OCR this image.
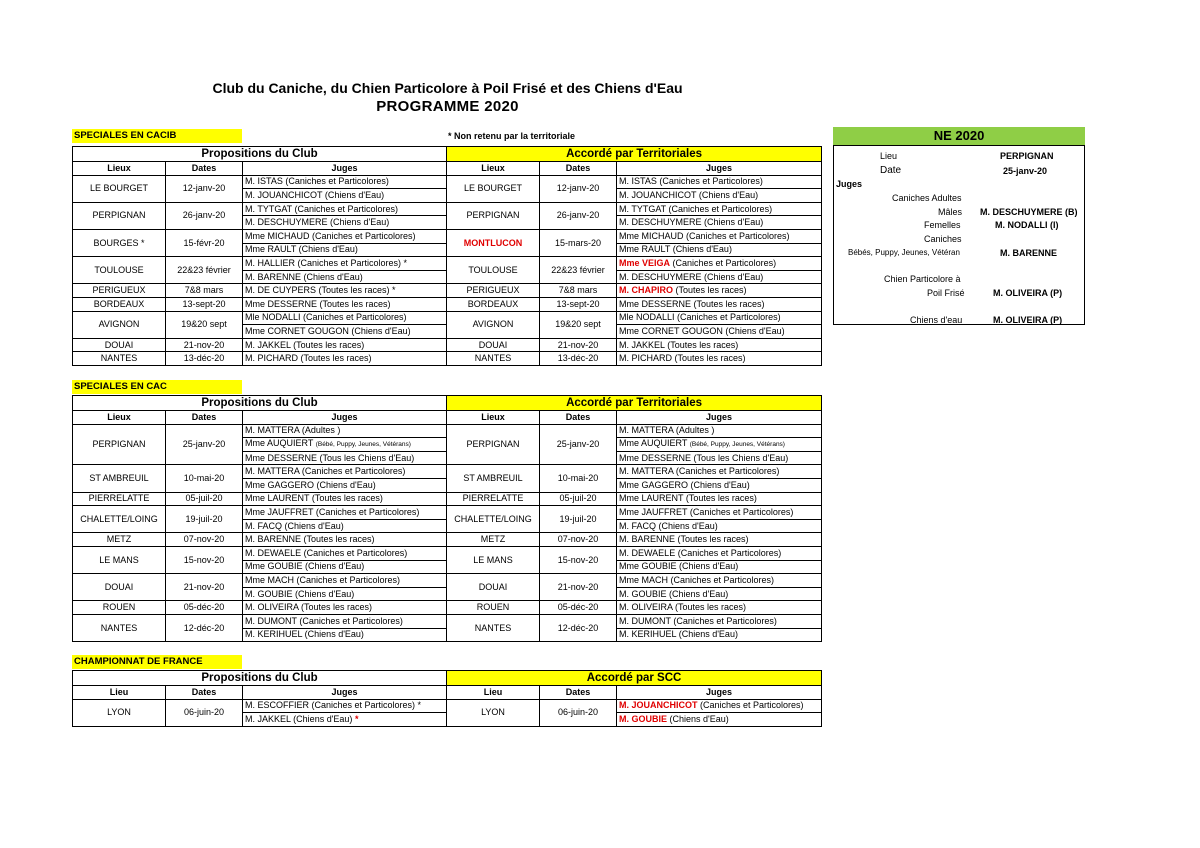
Club du Caniche, du Chien Particolore à Poil Frisé et des Chiens d'Eau
PROGRAMME 2020
SPECIALES EN CACIB	* Non retenu par la territoriale
Propositions du Club			Accordé par Territoriales		
Lieux	Dates	Juges	Lieux	Dates	Juges
LE BOURGET	12-janv-20	M. ISTAS (Caniches et Particolores)	LE BOURGET	12-janv-20	M. ISTAS (Caniches et Particolores)
		M. JOUANCHICOT (Chiens d'Eau)			M. JOUANCHICOT (Chiens d'Eau)
PERPIGNAN	26-janv-20	M. TYTGAT (Caniches et Particolores)	PERPIGNAN	26-janv-20	M. TYTGAT (Caniches et Particolores)
		M. DESCHUYMERE (Chiens d'Eau)			M. DESCHUYMERE (Chiens d'Eau)
BOURGES *	15-févr-20	Mme MICHAUD (Caniches et Particolores)	MONTLUCON	15-mars-20	Mme MICHAUD (Caniches et Particolores)
		Mme RAULT (Chiens d'Eau)			Mme RAULT (Chiens d'Eau)
TOULOUSE	22&23 février	M. HALLIER (Caniches et Particolores) *	TOULOUSE	22&23 février	Mme VEIGA (Caniches et Particolores)
		M. BARENNE (Chiens d'Eau)			M. DESCHUYMERE (Chiens d'Eau)
PERIGUEUX	7&8 mars	M. DE CUYPERS (Toutes les races) *	PERIGUEUX	7&8 mars	M. CHAPIRO (Toutes les races)
BORDEAUX	13-sept-20	Mme DESSERNE (Toutes les races)	BORDEAUX	13-sept-20	Mme DESSERNE (Toutes les races)
AVIGNON	19&20 sept	Mle NODALLI (Caniches et Particolores)	AVIGNON	19&20 sept	Mle NODALLI (Caniches et Particolores)
		Mme CORNET GOUGON (Chiens d'Eau)			Mme CORNET GOUGON (Chiens d'Eau)
DOUAI	21-nov-20	M. JAKKEL (Toutes les races)	DOUAI	21-nov-20	M. JAKKEL (Toutes les races)
NANTES	13-déc-20	M. PICHARD (Toutes les races)	NANTES	13-déc-20	M. PICHARD (Toutes les races)
NE 2020
Lieu	PERPIGNAN
Date	25-janv-20
Juges
Caniches Adultes
Mâles M. DESCHUYMERE (B)
Femelles	M. NODALLI (I)
Caniches
Bébés, Puppy, Jeunes, Vétéran	M. BARENNE
Chien Particolore à
Poil Frisé	M. OLIVEIRA (P)
Chiens d'eau	M. OLIVEIRA (P)
SPECIALES EN CAC
Propositions du Club			Accordé par Territoriales		
Lieux	Dates	Juges	Lieux	Dates	Juges
PERPIGNAN	25-janv-20	M. MATTERA (Adultes )	PERPIGNAN	25-janv-20	M. MATTERA (Adultes )
		Mme AUQUIERT (Bébé, Puppy, Jeunes, Vétérans)			Mme AUQUIERT (Bébé, Puppy, Jeunes, Vétérans)
		Mme DESSERNE (Tous les Chiens d'Eau)			Mme DESSERNE (Tous les Chiens d'Eau)
ST AMBREUIL	10-mai-20	M. MATTERA (Caniches et Particolores)	ST AMBREUIL	10-mai-20	M. MATTERA (Caniches et Particolores)
		Mme GAGGERO (Chiens d'Eau)			Mme GAGGERO (Chiens d'Eau)
PIERRELATTE	05-juil-20	Mme LAURENT (Toutes les races)	PIERRELATTE	05-juil-20	Mme LAURENT (Toutes les races)
CHALETTE/LOING	19-juil-20	Mme JAUFFRET (Caniches et Particolores)	CHALETTE/LOING	19-juil-20	Mme JAUFFRET (Caniches et Particolores)
		M. FACQ (Chiens d'Eau)			M. FACQ (Chiens d'Eau)
METZ	07-nov-20	M. BARENNE (Toutes les races)	METZ	07-nov-20	M. BARENNE (Toutes les races)
LE MANS	15-nov-20	M. DEWAELE (Caniches et Particolores)	LE MANS	15-nov-20	M. DEWAELE (Caniches et Particolores)
		Mme GOUBIE (Chiens d'Eau)			Mme GOUBIE (Chiens d'Eau)
DOUAI	21-nov-20	Mme MACH (Caniches et Particolores)	DOUAI	21-nov-20	Mme MACH (Caniches et Particolores)
		M. GOUBIE (Chiens d'Eau)			M. GOUBIE (Chiens d'Eau)
ROUEN	05-déc-20	M. OLIVEIRA (Toutes les races)	ROUEN	05-déc-20	M. OLIVEIRA (Toutes les races)
NANTES	12-déc-20	M. DUMONT (Caniches et Particolores)	NANTES	12-déc-20	M. DUMONT (Caniches et Particolores)
		M. KERIHUEL (Chiens d'Eau)			M. KERIHUEL (Chiens d'Eau)
CHAMPIONNAT DE FRANCE
Propositions du Club			Accordé par SCC		
Lieu	Dates	Juges	Lieu	Dates	Juges
LYON	06-juin-20	M. ESCOFFIER (Caniches et Particolores) *	LYON	06-juin-20	M. JOUANCHICOT (Caniches et Particolores)
		M. JAKKEL (Chiens d'Eau) *			M. GOUBIE (Chiens d'Eau)
